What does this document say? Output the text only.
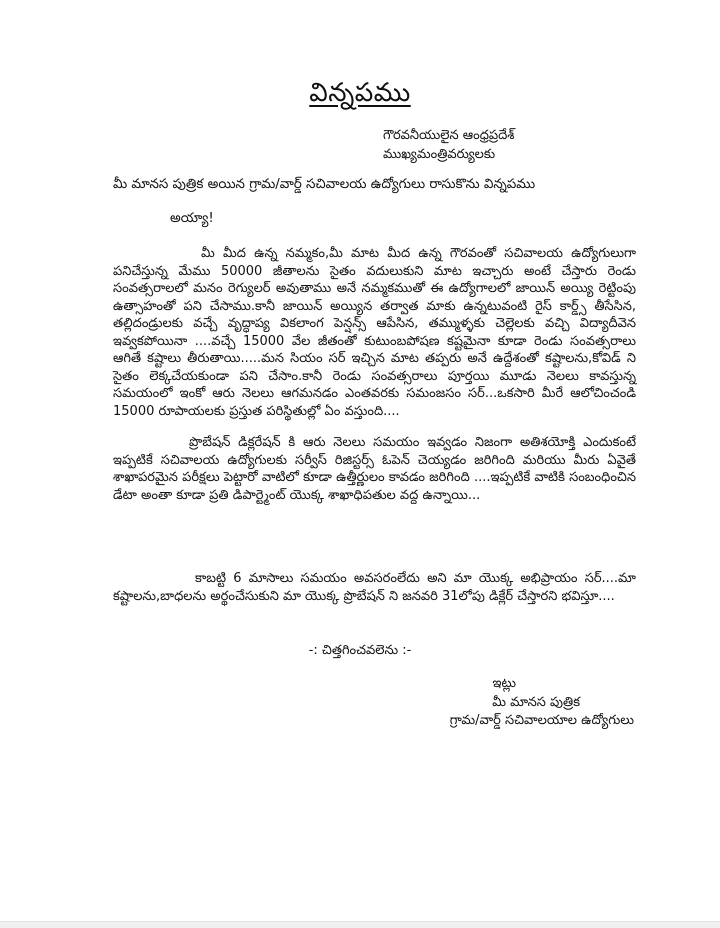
విన్నపము
గౌరవనీయులైన ఆంధ్రప్రదేశ్
ముఖ్యమంత్రివర్యులకు
మీ మానస పుత్రిక అయిన గ్రామ/వార్డ్ సచివాలయ ఉద్యోగులు రాసుకొను విన్నపము
అయ్యా!

మీ మీద ఉన్న నమ్మకం,మీ మాట మీద ఉన్న గౌరవంతో సచివాలయ ఉద్యోగులుగా పనిచేస్తున్న మేము 50000 జీతాలను సైతం వదులుకుని మాట ఇచ్చారు అంటే చేస్తారు రెండు సంవత్సరాలలో మనం రెగ్యులర్ అవుతాము అనే నమ్మకముతో ఈ ఉద్యోగాలలో జాయిన్ అయ్యి రెట్టింపు ఉత్సాహంతో పని చేసాము.కానీ జాయిన్ అయ్యిన తర్వాత మాకు ఉన్నటువంటి రైస్ కార్డ్స్ తీసేసిన, తల్లిదండ్రులకు వచ్చే వృద్ధాప్య వికలాంగ పెన్షన్స్ ఆపేసిన, తమ్ముళ్ళకు చెల్లెలకు వచ్చి విద్యాదీవెన ఇవ్వకపోయినా ....వచ్చే 15000 వేల జీతంతో కుటుంబపోషణ కష్టమైనా కూడా రెండు సంవత్సరాలు ఆగితే కష్టాలు తీరుతాయి.....మన సియం సర్ ఇచ్చిన మాట తప్పరు అనే ఉద్దేశంతో కష్టాలను,కోవిడ్ ని సైతం లెక్కచేయకుండా పని చేసాం.కానీ రెండు సంవత్సరాలు పూర్తయి మూడు నెలలు కావస్తున్న సమయంలో ఇంకో ఆరు నెలలు ఆగమనడం ఎంతవరకు సమంజసం సర్...ఒకసారి మీరే ఆలోచించండి 15000 రూపాయలకు ప్రస్తుత పరిస్థితుల్లో ఏం వస్తుంది....

ప్రొబేషన్ డిక్లరేషన్ కి ఆరు నెలలు సమయం ఇవ్వడం నిజంగా అతిశయోక్తి ఎందుకంటే ఇప్పటికే సచివాలయ ఉద్యోగులకు సర్వీస్ రిజిస్టర్స్ ఓపెన్ చెయ్యడం జరిగింది మరియు మీరు ఏవైతే శాఖాపరమైన పరీక్షలు పెట్టారో వాటిలో కూడా ఉత్తీర్ణులం కావడం జరిగింది ....ఇప్పటికే వాటికి సంబంధించిన డేటా అంతా కూడా ప్రతి డిపార్ట్మెంట్ యొక్క శాఖాధిపతుల వద్ద ఉన్నాయి...

కాబట్టి 6 మాసాలు సమయం అవసరంలేదు అని మా యొక్క అభిప్రాయం సర్....మా కష్టాలను,బాధలను అర్థంచేసుకుని మా యొక్క ప్రొబేషన్ ని జనవరి 31లోపు డిక్లేర్ చేస్తారని భవిస్తూ....

-: చిత్తగించవలెను :-
ఇట్లు
మీ మానస పుత్రిక
గ్రామ/వార్డ్ సచివాలయాల ఉద్యోగులు
